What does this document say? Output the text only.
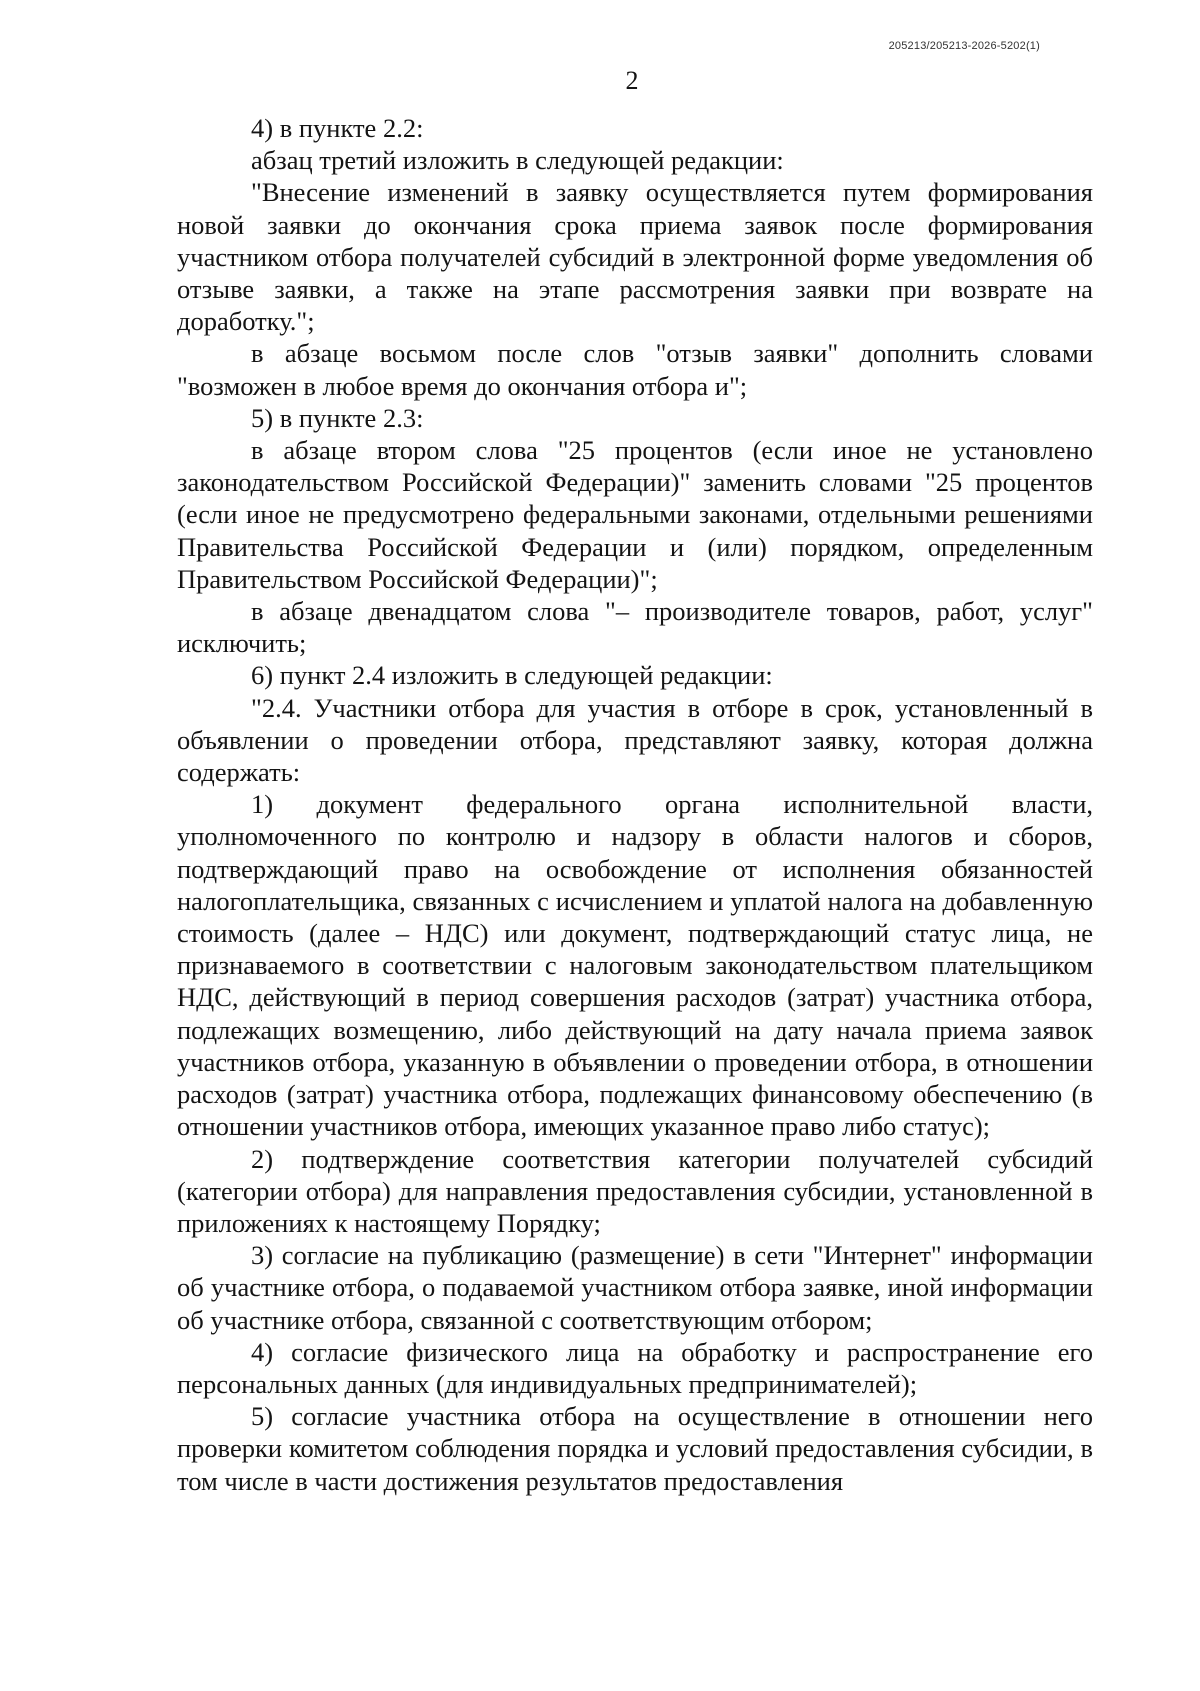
205213/205213-2026-5202(1)
2

4) в пункте 2.2:

абзац третий изложить в следующей редакции:

"Внесение изменений в заявку осуществляется путем формирования новой заявки до окончания срока приема заявок после формирования участником отбора получателей субсидий в электронной форме уведомления об отзыве заявки, а также на этапе рассмотрения заявки при возврате на доработку.";

в абзаце восьмом после слов "отзыв заявки" дополнить словами "возможен в любое время до окончания отбора и";

5) в пункте 2.3:

в абзаце втором слова "25 процентов (если иное не установлено законодательством Российской Федерации)" заменить словами "25 процентов (если иное не предусмотрено федеральными законами, отдельными решениями Правительства Российской Федерации и (или) порядком, определенным Правительством Российской Федерации)";

в абзаце двенадцатом слова "– производителе товаров, работ, услуг" исключить;

6) пункт 2.4 изложить в следующей редакции:

"2.4. Участники отбора для участия в отборе в срок, установленный в объявлении о проведении отбора, представляют заявку, которая должна содержать:

1) документ федерального органа исполнительной власти, уполномоченного по контролю и надзору в области налогов и сборов, подтверждающий право на освобождение от исполнения обязанностей налогоплательщика, связанных с исчислением и уплатой налога на добавленную стоимость (далее – НДС) или документ, подтверждающий статус лица, не признаваемого в соответствии с налоговым законодательством плательщиком НДС, действующий в период совершения расходов (затрат) участника отбора, подлежащих возмещению, либо действующий на дату начала приема заявок участников отбора, указанную в объявлении о проведении отбора, в отношении расходов (затрат) участника отбора, подлежащих финансовому обеспечению (в отношении участников отбора, имеющих указанное право либо статус);

2) подтверждение соответствия категории получателей субсидий (категории отбора) для направления предоставления субсидии, установленной в приложениях к настоящему Порядку;

3) согласие на публикацию (размещение) в сети "Интернет" информации об участнике отбора, о подаваемой участником отбора заявке, иной информации об участнике отбора, связанной с соответствующим отбором;

4) согласие физического лица на обработку и распространение его персональных данных (для индивидуальных предпринимателей);

5) согласие участника отбора на осуществление в отношении него проверки комитетом соблюдения порядка и условий предоставления субсидии, в том числе в части достижения результатов предоставления
